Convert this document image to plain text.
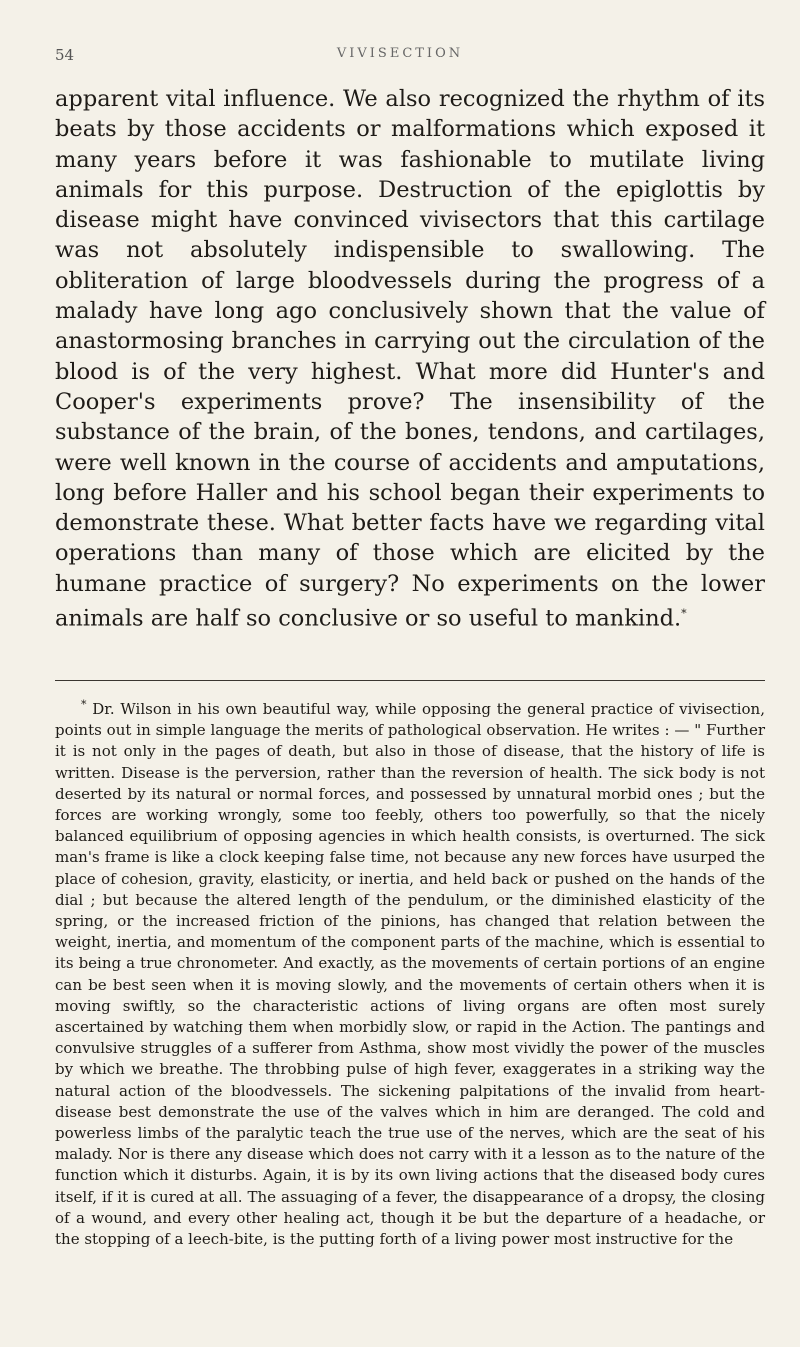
54	VIVISECTION

apparent vital influence. We also recognized the rhythm of its beats by those accidents or malformations which exposed it many years before it was fashionable to mutilate living animals for this purpose. Destruction of the epiglottis by disease might have convinced vivisectors that this cartilage was not absolutely indispensible to swallowing. The obliteration of large bloodvessels during the progress of a malady have long ago conclusively shown that the value of anastormosing branches in carrying out the circulation of the blood is of the very highest. What more did Hunter's and Cooper's experiments prove? The insensibility of the substance of the brain, of the bones, tendons, and cartilages, were well known in the course of accidents and amputations, long before Haller and his school began their experiments to demonstrate these. What better facts have we regarding vital operations than many of those which are elicited by the humane practice of surgery? No experiments on the lower animals are half so conclusive or so useful to mankind.*

* Dr. Wilson in his own beautiful way, while opposing the general practice of vivisection, points out in simple language the merits of pathological observation. He writes : — " Further it is not only in the pages of death, but also in those of disease, that the history of life is written. Disease is the perversion, rather than the reversion of health. The sick body is not deserted by its natural or normal forces, and possessed by unnatural morbid ones ; but the forces are working wrongly, some too feebly, others too powerfully, so that the nicely balanced equilibrium of opposing agencies in which health consists, is overturned. The sick man's frame is like a clock keeping false time, not because any new forces have usurped the place of cohesion, gravity, elasticity, or inertia, and held back or pushed on the hands of the dial ; but because the altered length of the pendulum, or the diminished elasticity of the spring, or the increased friction of the pinions, has changed that relation between the weight, inertia, and momentum of the component parts of the machine, which is essential to its being a true chronometer. And exactly, as the movements of certain portions of an engine can be best seen when it is moving slowly, and the movements of certain others when it is moving swiftly, so the characteristic actions of living organs are often most surely ascertained by watching them when morbidly slow, or rapid in the Action. The pantings and convulsive struggles of a sufferer from Asthma, show most vividly the power of the muscles by which we breathe. The throbbing pulse of high fever, exaggerates in a striking way the natural action of the bloodvessels. The sickening palpitations of the invalid from heart-disease best demonstrate the use of the valves which in him are deranged. The cold and powerless limbs of the paralytic teach the true use of the nerves, which are the seat of his malady. Nor is there any disease which does not carry with it a lesson as to the nature of the function which it disturbs. Again, it is by its own living actions that the diseased body cures itself, if it is cured at all. The assuaging of a fever, the disappearance of a dropsy, the closing of a wound, and every other healing act, though it be but the departure of a headache, or the stopping of a leech-bite, is the putting forth of a living power most instructive for the
